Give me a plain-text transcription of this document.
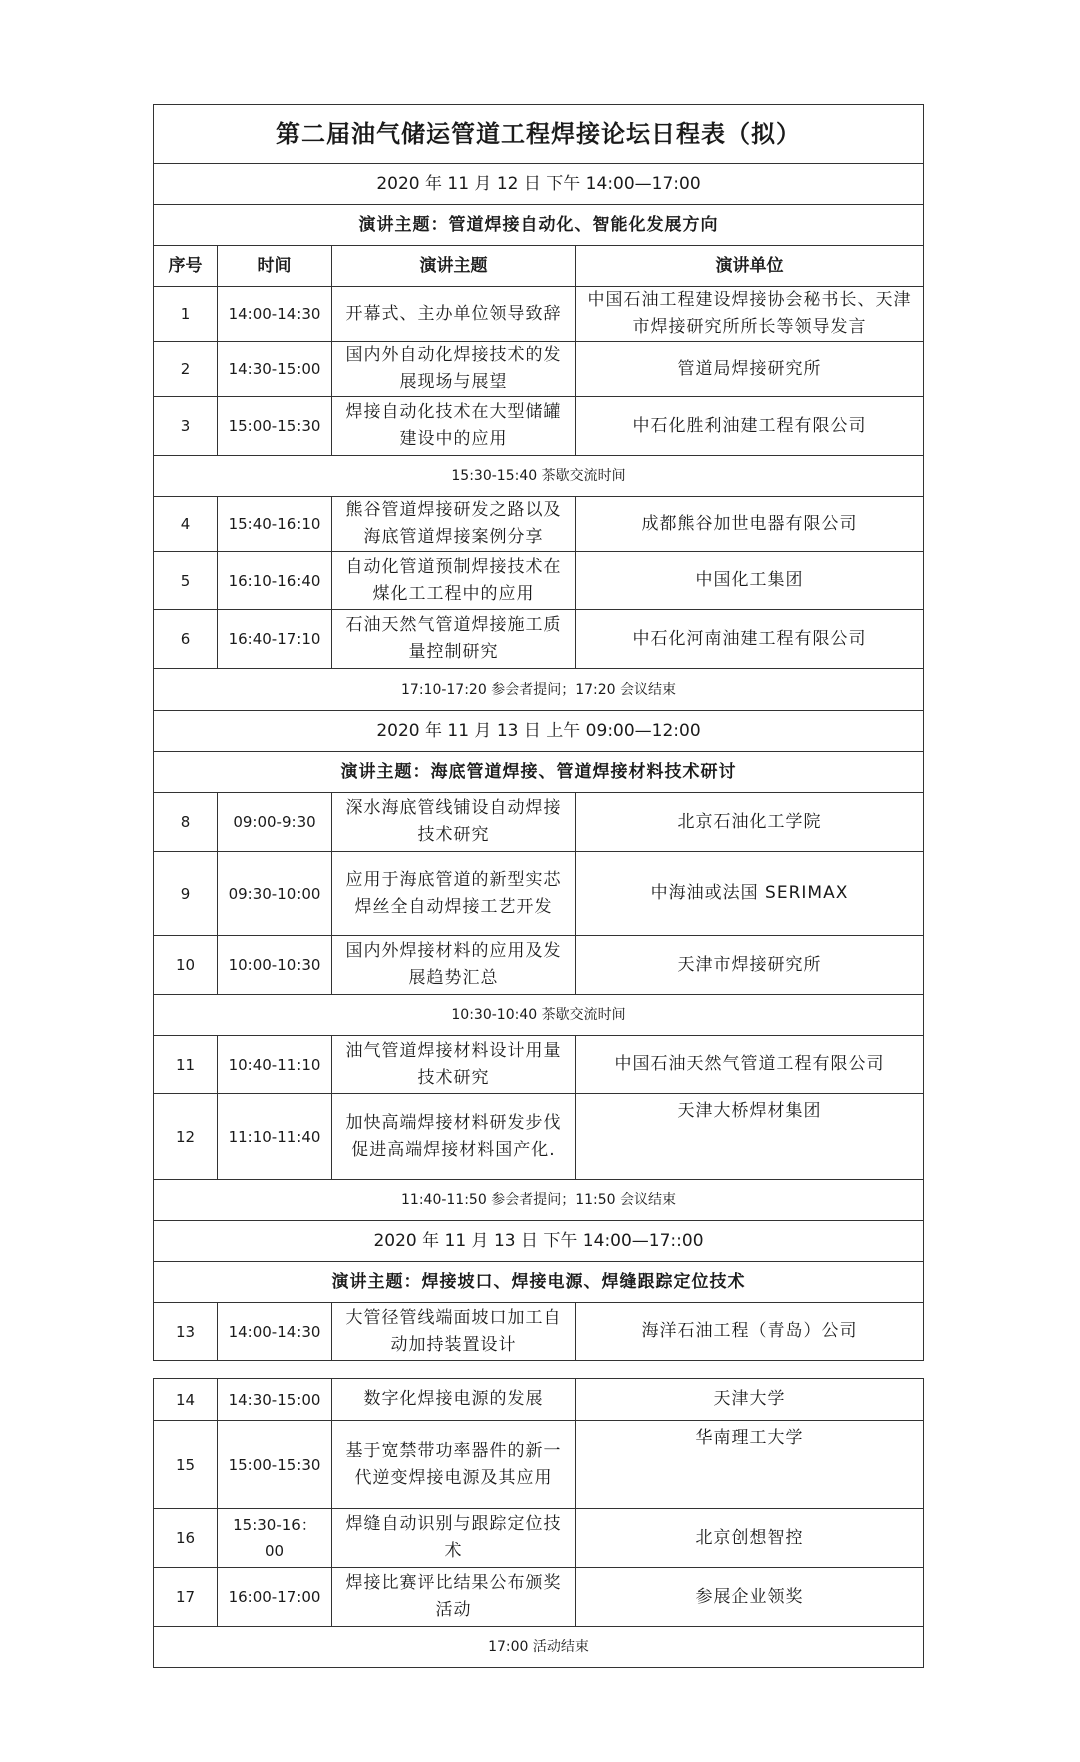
第二届油气储运管道工程焊接论坛日程表（拟）			
2020 年 11 月 12 日 下午 14:00—17:00			
演讲主题：管道焊接自动化、智能化发展方向			
序号	时间	演讲主题	演讲单位
1	14:00-14:30	开幕式、主办单位领导致辞	中国石油工程建设焊接协会秘书长、天津市焊接研究所所长等领导发言
2	14:30-15:00	国内外自动化焊接技术的发展现场与展望	管道局焊接研究所
3	15:00-15:30	焊接自动化技术在大型储罐建设中的应用	中石化胜利油建工程有限公司
15:30-15:40 茶歇交流时间			
4	15:40-16:10	熊谷管道焊接研发之路以及海底管道焊接案例分享	成都熊谷加世电器有限公司
5	16:10-16:40	自动化管道预制焊接技术在煤化工工程中的应用	中国化工集团
6	16:40-17:10	石油天然气管道焊接施工质量控制研究	中石化河南油建工程有限公司
17:10-17:20 参会者提问；17:20 会议结束			
2020 年 11 月 13 日 上午 09:00—12:00			
演讲主题：海底管道焊接、管道焊接材料技术研讨			
8	09:00-9:30	深水海底管线铺设自动焊接技术研究	北京石油化工学院
9	09:30-10:00	应用于海底管道的新型实芯焊丝全自动焊接工艺开发	中海油或法国 SERIMAX
10	10:00-10:30	国内外焊接材料的应用及发展趋势汇总	天津市焊接研究所
10:30-10:40 茶歇交流时间			
11	10:40-11:10	油气管道焊接材料设计用量技术研究	中国石油天然气管道工程有限公司
12	11:10-11:40	加快高端焊接材料研发步伐 促进高端焊接材料国产化.	天津大桥焊材集团
11:40-11:50 参会者提问；11:50 会议结束			
2020 年 11 月 13 日 下午 14:00—17::00			
演讲主题：焊接坡口、焊接电源、焊缝跟踪定位技术			
13	14:00-14:30	大管径管线端面坡口加工自动加持装置设计	海洋石油工程（青岛）公司
14	14:30-15:00	数字化焊接电源的发展	天津大学
15	15:00-15:30	基于宽禁带功率器件的新一代逆变焊接电源及其应用	华南理工大学
16	15:30-16：00	焊缝自动识别与跟踪定位技术	北京创想智控
17	16:00-17:00	焊接比赛评比结果公布颁奖活动	参展企业领奖
17:00 活动结束			
